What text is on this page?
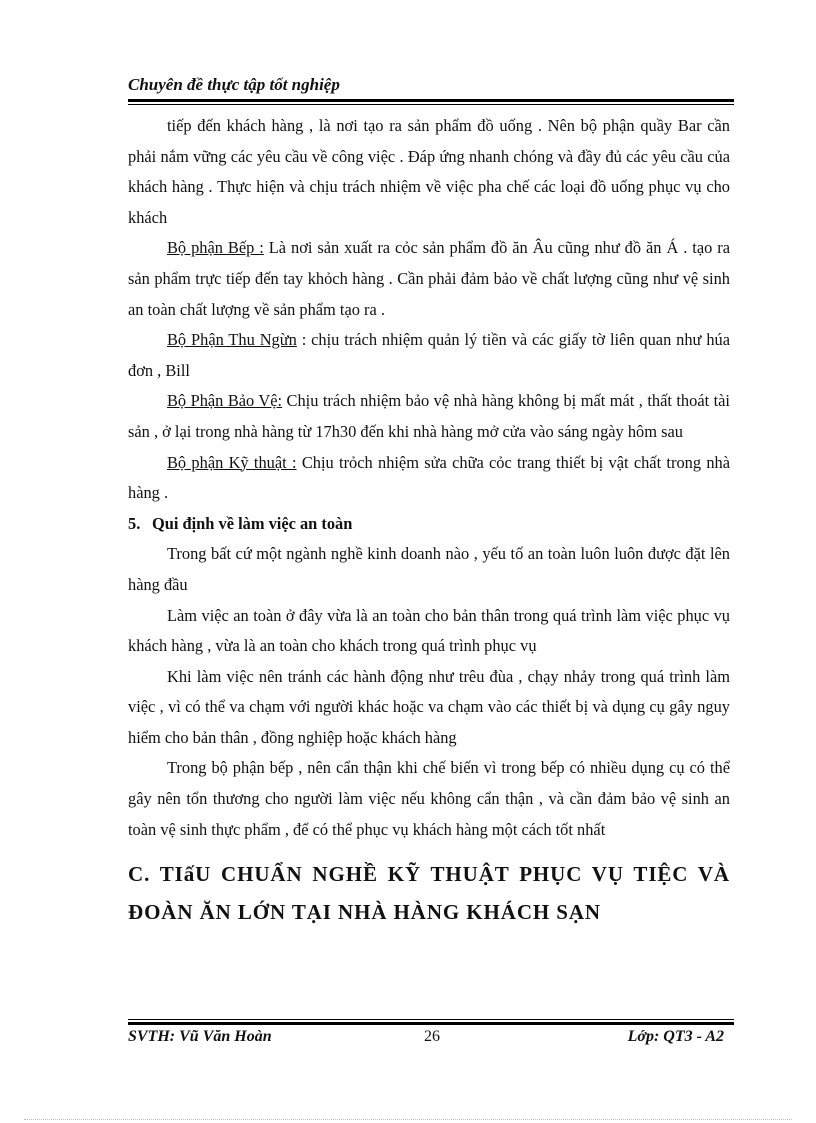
Chuyên đề thực tập tốt nghiệp

tiếp đến khách hàng , là nơi tạo ra sản phẩm đồ uống . Nên bộ phận quầy Bar cần phải nắm vững các yêu cầu về công việc . Đáp ứng nhanh chóng và đầy đủ các yêu cầu của khách hàng . Thực hiện và chịu trách nhiệm về việc pha chế các loại đồ uống phục vụ cho khách

Bộ phận Bếp : Là nơi sản xuất ra cỏc sản phẩm đồ ăn Âu cũng như đồ ăn Á . tạo ra sản phẩm trực tiếp đến tay khỏch hàng . Cần phải đảm bảo về chất lượng cũng như vệ sinh an toàn chất lượng về sản phẩm tạo ra .

Bộ Phận Thu Ngừn : chịu trách nhiệm quản lý tiền và các giấy tờ liên quan như húa đơn , Bill

Bộ Phận Bảo Vệ: Chịu trách nhiệm bảo vệ nhà hàng không bị mất mát , thất thoát tài sản , ở lại trong nhà hàng từ 17h30 đến khi nhà hàng mở cửa vào sáng ngày hôm sau

Bộ phận Kỹ thuật : Chịu trỏch nhiệm sửa chữa cỏc trang thiết bị vật chất trong nhà hàng .

5. Qui định về làm việc an toàn

Trong bất cứ một ngành nghề kinh doanh nào , yếu tố an toàn luôn luôn được đặt lên hàng đầu

Làm việc an toàn ở đây vừa là an toàn cho bản thân trong quá trình làm việc phục vụ khách hàng , vừa là an toàn cho khách trong quá trình phục vụ

Khi làm việc nên tránh các hành động như trêu đùa , chạy nhảy trong quá trình làm việc , vì có thể va chạm với người khác hoặc va chạm vào các thiết bị và dụng cụ gây nguy hiểm cho bản thân , đồng nghiệp hoặc khách hàng

Trong bộ phận bếp , nên cẩn thận khi chế biến vì trong bếp có nhiều dụng cụ có thể gây nên tổn thương cho người làm việc nếu không cẩn thận , và cần đảm bảo vệ sinh an toàn vệ sinh thực phẩm , để có thể phục vụ khách hàng một cách tốt nhất

C. TIấU CHUẨN NGHỀ KỸ THUẬT PHỤC VỤ TIỆC VÀ ĐOÀN ĂN LỚN TẠI NHÀ HÀNG KHÁCH SẠN

SVTH: Vũ Văn Hoàn	26	Lớp: QT3 - A2
